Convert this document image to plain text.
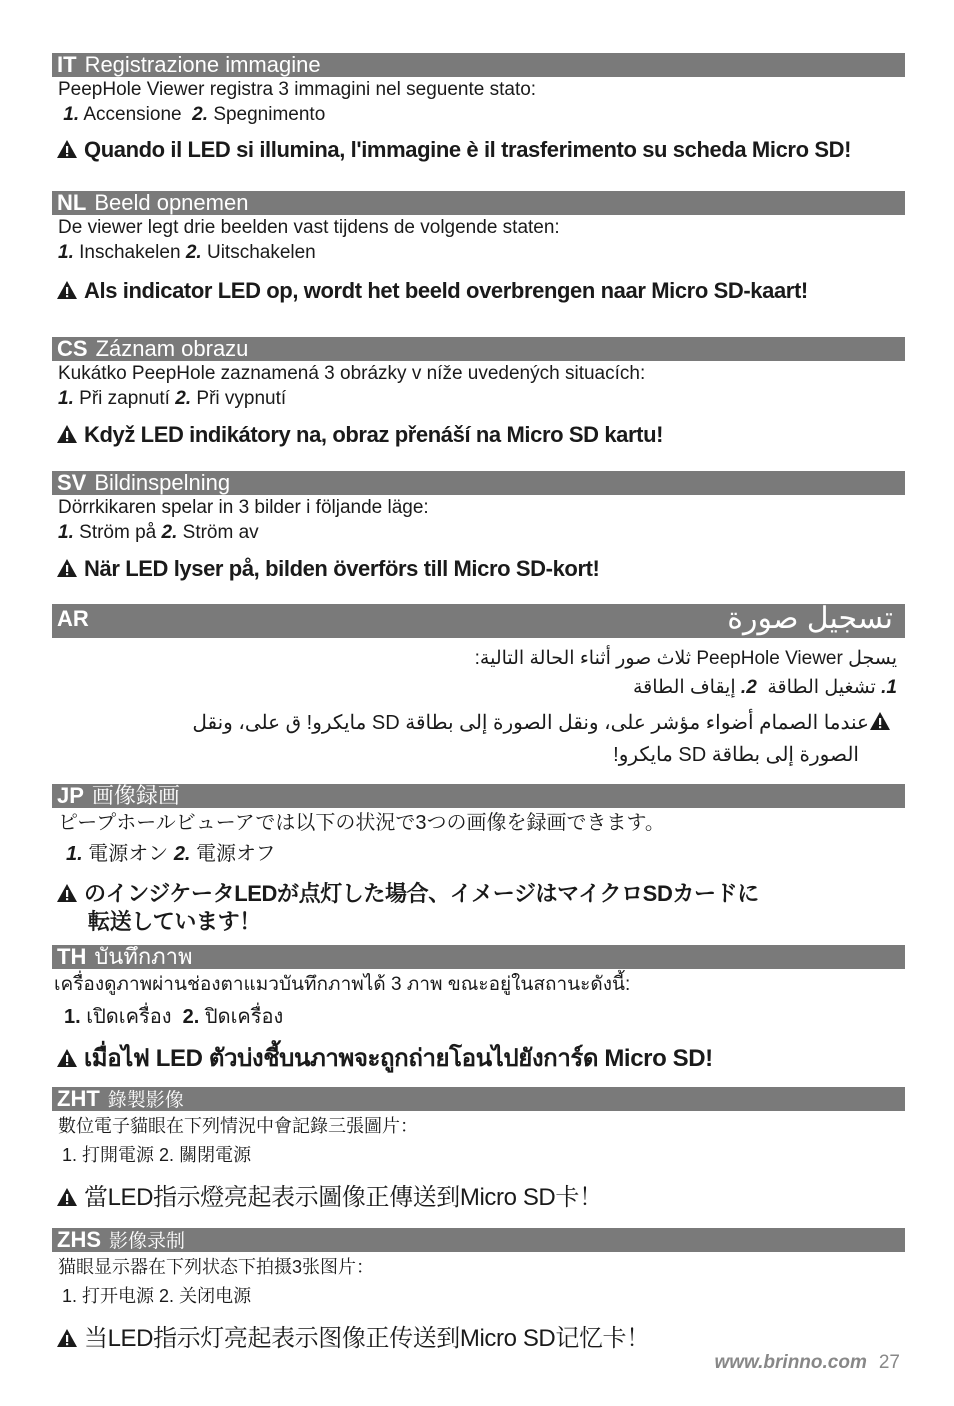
IT Registrazione immagine
PeepHole Viewer registra 3 immagini nel seguente stato:
1. Accensione 2. Spegnimento
Quando il LED si illumina, l'immagine è il trasferimento su scheda Micro SD!
NL Beeld opnemen
De viewer legt drie beelden vast tijdens de volgende staten:
1. Inschakelen 2. Uitschakelen
Als indicator LED op, wordt het beeld overbrengen naar Micro SD-kaart!
CS Záznam obrazu
Kukátko PeepHole zaznamená 3 obrázky v níže uvedených situacích:
1. Při zapnutí 2. Při vypnutí
Když LED indikátory na, obraz přenáší na Micro SD kartu!
SV Bildinspelning
Dörrkikaren spelar in 3 bilder i följande läge:
1. Ström på 2. Ström av
När LED lyser på, bilden överförs till Micro SD-kort!
AR	تسجيل صورة
يسجل PeepHole Viewer ثلاث صور أثناء الحالة التالية:
1. تشغيل الطاقة  2. إيقاف الطاقة
عندما الصمام أضواء مؤشر على، ونقل الصورة إلى بطاقة SD مايكرو! ق على، ونقل
الصورة إلى بطاقة SD مايكرو!
JP 画像録画
ピープホールビューアでは以下の状況で3つの画像を録画できます。
1. 電源オン 2. 電源オフ
のインジケータLEDが点灯した場合、イメージはマイクロSDカードに
転送しています！
TH บันทึกภาพ
เครื่องดูภาพผ่านช่องตาแมวบันทึกภาพได้ 3 ภาพ ขณะอยู่ในสถานะดังนี้:
1. เปิดเครื่อง 2. ปิดเครื่อง
เมื่อไฟ LED ตัวบ่งชี้บนภาพจะถูกถ่ายโอนไปยังการ์ด Micro SD!
ZHT 錄製影像
數位電子貓眼在下列情況中會記錄三張圖片：
1. 打開電源 2. 關閉電源
當LED指示燈亮起表示圖像正傳送到Micro SD卡！
ZHS 影像录制
猫眼显示器在下列状态下拍摄3张图片：
1. 打开电源 2. 关闭电源
当LED指示灯亮起表示图像正传送到Micro SD记忆卡！
www.brinno.com 27
